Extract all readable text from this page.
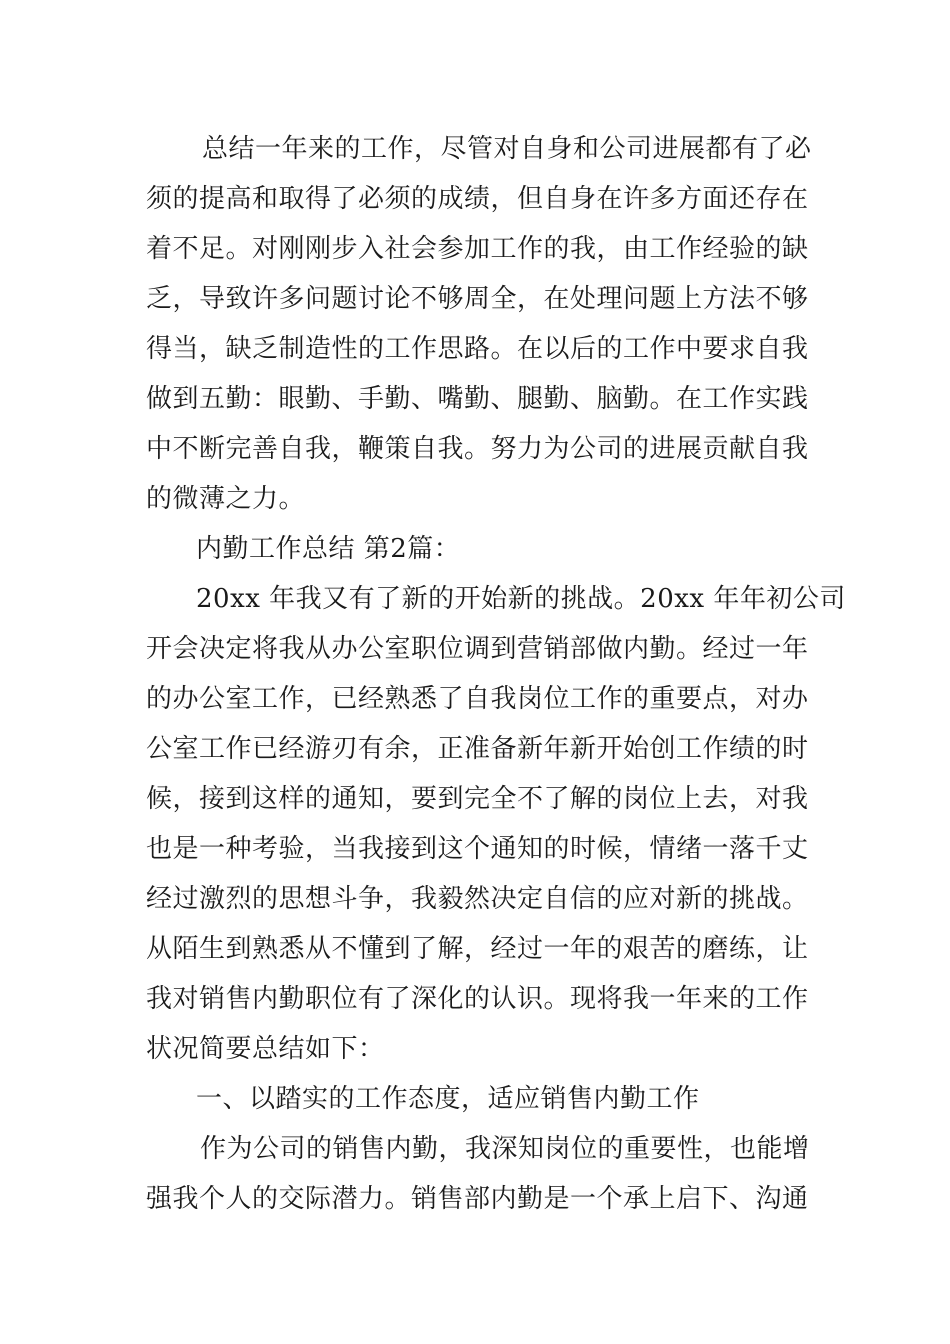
总结一年来的工作，尽管对自身和公司进展都有了必
须的提高和取得了必须的成绩，但自身在许多方面还存在
着不足。对刚刚步入社会参加工作的我，由工作经验的缺
乏，导致许多问题讨论不够周全，在处理问题上方法不够
得当，缺乏制造性的工作思路。在以后的工作中要求自我
做到五勤：眼勤、手勤、嘴勤、腿勤、脑勤。在工作实践
中不断完善自我，鞭策自我。努力为公司的进展贡献自我
的微薄之力。
内勤工作总结 第2篇：
20xx 年我又有了新的开始新的挑战。20xx 年年初公司
开会决定将我从办公室职位调到营销部做内勤。经过一年
的办公室工作，已经熟悉了自我岗位工作的重要点，对办
公室工作已经游刃有余，正准备新年新开始创工作绩的时
候，接到这样的通知，要到完全不了解的岗位上去，对我
也是一种考验，当我接到这个通知的时候，情绪一落千丈
经过激烈的思想斗争，我毅然决定自信的应对新的挑战。
从陌生到熟悉从不懂到了解，经过一年的艰苦的磨练，让
我对销售内勤职位有了深化的认识。现将我一年来的工作
状况简要总结如下：
一、以踏实的工作态度，适应销售内勤工作
作为公司的销售内勤，我深知岗位的重要性，也能增
强我个人的交际潜力。销售部内勤是一个承上启下、沟通
